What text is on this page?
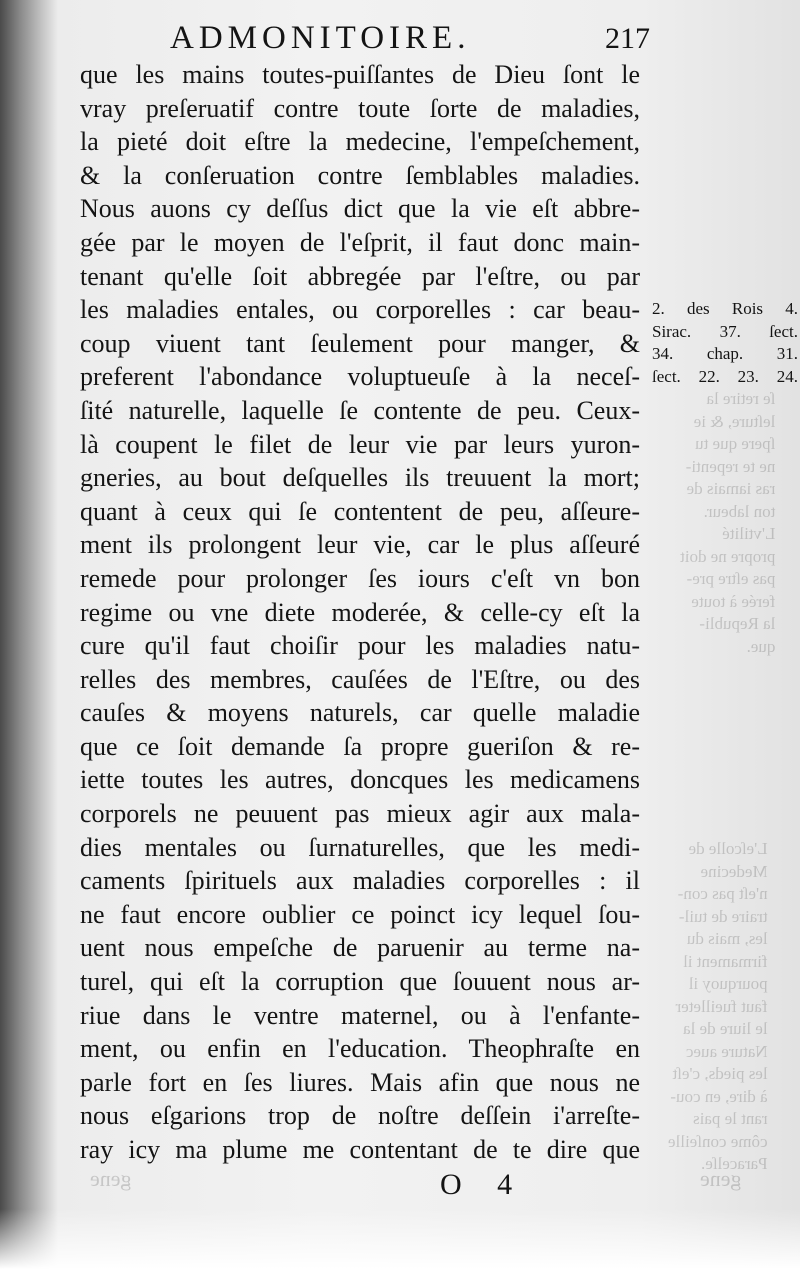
ſe retire la
leſture, & ie
ſpere que tu
ne te repenti-
ras iamais de
ton labeur.
L'vtilité
propre ne doit
pas eſtre pre-
ferée à toute
la Republi-
que.
L'eſcolle de
Medecine
n'eſt pas con-
traire de tuil-
les, mais du
firmament il
pourquoy il
faut fueilleter
le liure de la
Nature auec
les pieds, c'eſt
à dire, en cou-
rant le pais
côme conſeille
Paracelſe.
gene	gene
ADMONITOIRE.	217
que les mains toutes-puiſſantes de Dieu ſont le
vray preſeruatif contre toute ſorte de maladies,
la pieté doit eſtre la medecine, l'empeſchement,
& la conſeruation contre ſemblables maladies.
Nous auons cy deſſus dict que la vie eſt abbre-
gée par le moyen de l'eſprit, il faut donc main-
tenant qu'elle ſoit abbregée par l'eſtre, ou par
les maladies entales, ou corporelles : car beau-
coup viuent tant ſeulement pour manger, &
preferent l'abondance voluptueuſe à la neceſ-
ſité naturelle, laquelle ſe contente de peu. Ceux-
là coupent le filet de leur vie par leurs yuron-
gneries, au bout deſquelles ils treuuent la mort;
quant à ceux qui ſe contentent de peu, aſſeure-
ment ils prolongent leur vie, car le plus aſſeuré
remede pour prolonger ſes iours c'eſt vn bon
regime ou vne diete moderée, & celle-cy eſt la
cure qu'il faut choiſir pour les maladies natu-
relles des membres, cauſées de l'Eſtre, ou des
cauſes & moyens naturels, car quelle maladie
que ce ſoit demande ſa propre gueriſon & re-
iette toutes les autres, doncques les medicamens
corporels ne peuuent pas mieux agir aux mala-
dies mentales ou ſurnaturelles, que les medi-
caments ſpirituels aux maladies corporelles : il
ne faut encore oublier ce poinct icy lequel ſou-
uent nous empeſche de paruenir au terme na-
turel, qui eſt la corruption que ſouuent nous ar-
riue dans le ventre maternel, ou à l'enfante-
ment, ou enfin en l'education. Theophraſte en
parle fort en ſes liures. Mais afin que nous ne
nous eſgarions trop de noſtre deſſein i'arreſte-
ray icy ma plume me contentant de te dire que
2. des Rois 4.
Sirac. 37. ſect.
34. chap. 31.
ſect. 22. 23. 24.
O 4
